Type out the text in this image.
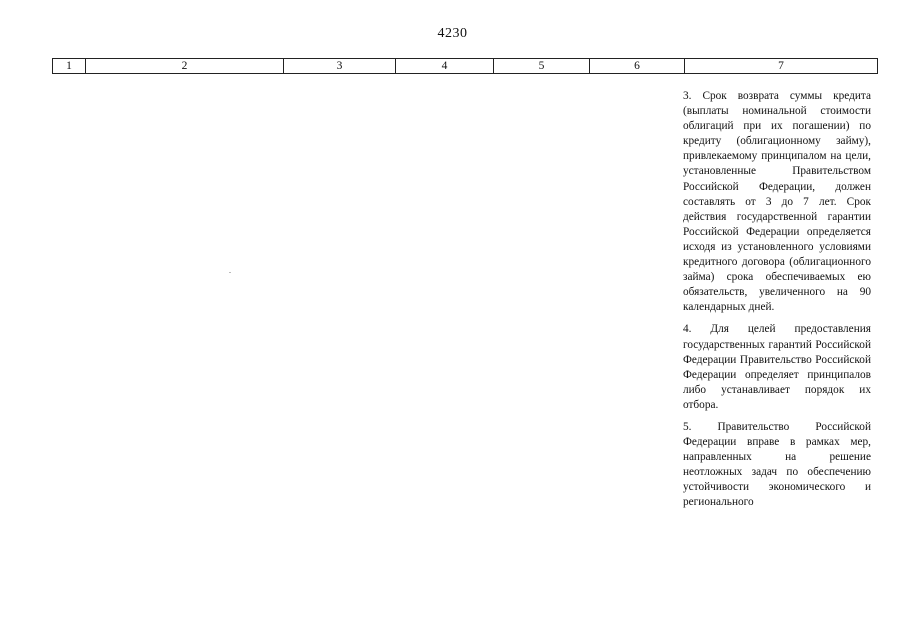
4230
1	2	3	4	5	6	7

3. Срок возврата суммы кредита (выплаты номинальной стоимости облигаций при их погашении) по кредиту (облигационному займу), привлекаемому принципалом на цели, установленные Правительством Российской Федерации, должен составлять от 3 до 7 лет. Срок действия государственной гарантии Российской Федерации определяется исходя из установленного условиями кредитного договора (облигационного займа) срока обеспечиваемых ею обязательств, увеличенного на 90 календарных дней.

4. Для целей предоставления государственных гарантий Российской Федерации Правительство Российской Федерации определяет принципалов либо устанавливает порядок их отбора.

5. Правительство Российской Федерации вправе в рамках мер, направленных на решение неотложных задач по обеспечению устойчивости экономического и регионального
